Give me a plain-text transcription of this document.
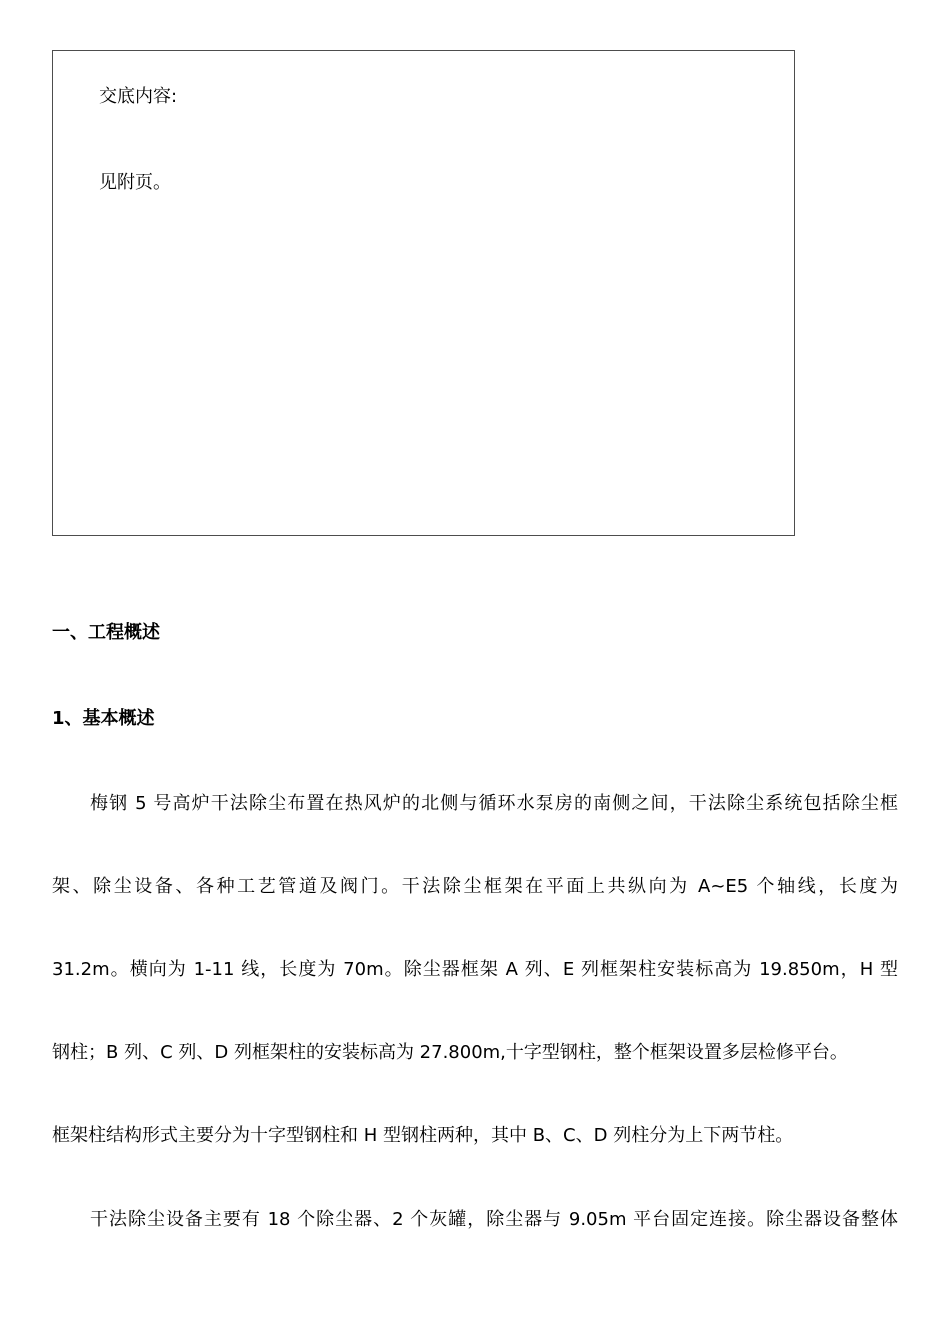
交底内容:
见附页。
一、工程概述
1、基本概述
梅钢 5 号高炉干法除尘布置在热风炉的北侧与循环水泵房的南侧之间，干法除尘系统包括除尘框
架、除尘设备、各种工艺管道及阀门。干法除尘框架在平面上共纵向为 A~E5 个轴线，长度为
31.2m。横向为 1-11 线，长度为 70m。除尘器框架 A 列、E 列框架柱安装标高为 19.850m，H 型
钢柱；B 列、C 列、D 列框架柱的安装标高为 27.800m,十字型钢柱，整个框架设置多层检修平台。
框架柱结构形式主要分为十字型钢柱和 H 型钢柱两种，其中 B、C、D 列柱分为上下两节柱。
干法除尘设备主要有 18 个除尘器、2 个灰罐，除尘器与 9.05m 平台固定连接。除尘器设备整体
